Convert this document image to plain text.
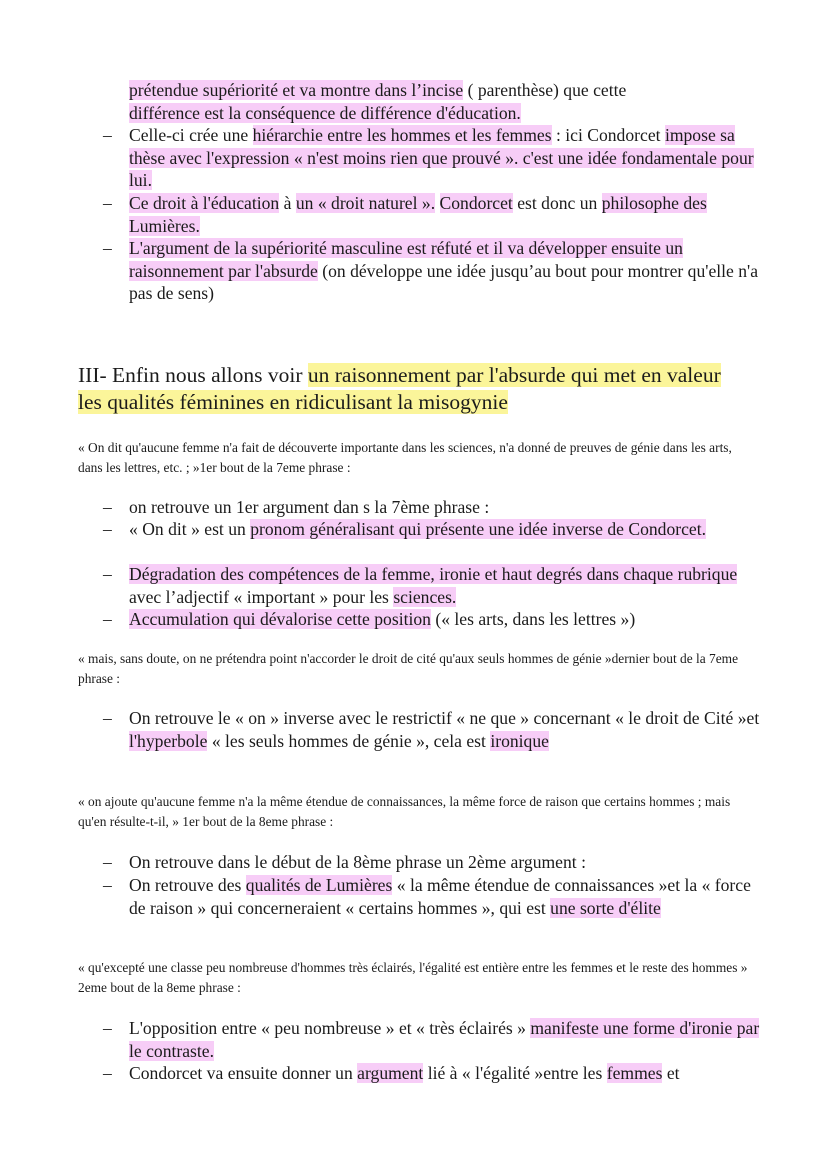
prétendue supériorité et va montre dans l’incise ( parenthèse) que cette
différence est la conséquence de différence d'éducation.
– Celle-ci crée une hiérarchie entre les hommes et les femmes : ici Condorcet impose sa thèse avec l'expression « n'est moins rien que prouvé ». c'est une idée fondamentale pour lui.
– Ce droit à l'éducation à un « droit naturel ». Condorcet est donc un philosophe des Lumières.
– L'argument de la supériorité masculine est réfuté et il va développer ensuite un raisonnement par l'absurde (on développe une idée jusqu’au bout pour montrer qu'elle n'a pas de sens)
III- Enfin nous allons voir un raisonnement par l'absurde qui met en valeur les qualités féminines en ridiculisant la misogynie
« On dit qu'aucune femme n'a fait de découverte importante dans les sciences, n'a donné de preuves de génie dans les arts, dans les lettres, etc. ; »1er bout de la 7eme phrase :
– on retrouve un 1er argument dan s la 7ème phrase :
– « On dit » est un pronom généralisant qui présente une idée inverse de Condorcet.
– Dégradation des compétences de la femme, ironie et haut degrés dans chaque rubrique avec l’adjectif « important » pour les sciences.
– Accumulation qui dévalorise cette position (« les arts, dans les lettres »)
« mais, sans doute, on ne prétendra point n'accorder le droit de cité qu'aux seuls hommes de génie »dernier bout de la 7eme phrase :
– On retrouve le « on » inverse avec le restrictif « ne que » concernant « le droit de Cité »et l'hyperbole « les seuls hommes de génie », cela est ironique
« on ajoute qu'aucune femme n'a la même étendue de connaissances, la même force de raison que certains hommes ; mais qu'en résulte-t-il, » 1er bout de la 8eme phrase :
– On retrouve dans le début de la 8ème phrase un 2ème argument :
– On retrouve des qualités de Lumières « la même étendue de connaissances »et la « force de raison » qui concerneraient « certains hommes », qui est une sorte d'élite
« qu'excepté une classe peu nombreuse d'hommes très éclairés, l'égalité est entière entre les femmes et le reste des hommes » 2eme bout de la 8eme phrase :
– L'opposition entre « peu nombreuse » et « très éclairés » manifeste une forme d'ironie par le contraste.
– Condorcet va ensuite donner un argument lié à « l'égalité »entre les femmes et
